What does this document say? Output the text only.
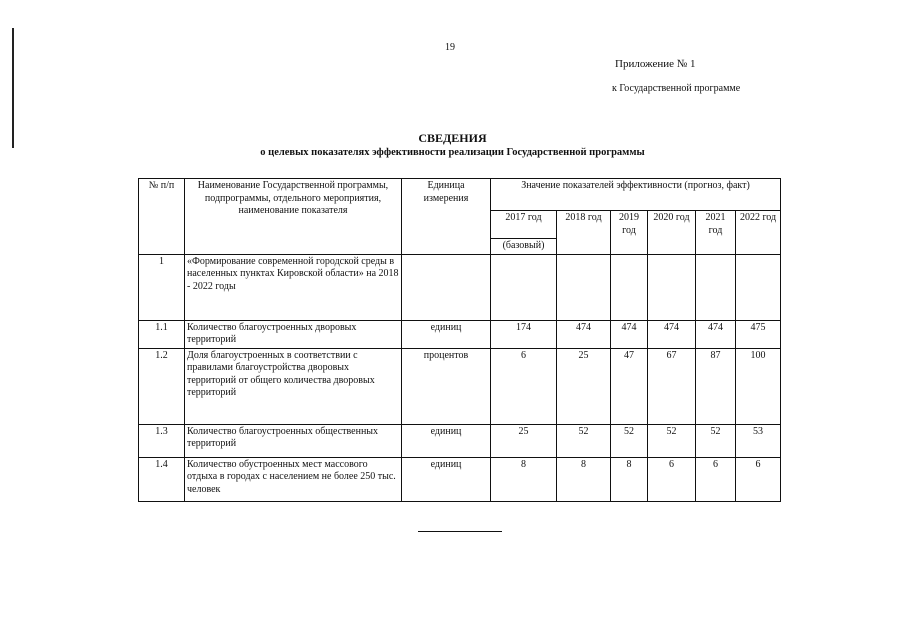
19
Приложение № 1
к Государственной программе
СВЕДЕНИЯ
о целевых показателях эффективности реализации Государственной программы
№ п/п	Наименование Государственной программы, подпрограммы, отдельного мероприятия, наименование показателя	Единица измерения	Значение показателей эффективности (прогноз, факт)					
			2017 год	2018 год	2019 год	2020 год	2021 год	2022 год
			(базовый)					
1	«Формирование современной городской среды в населенных пунктах Кировской области» на 2018 - 2022 годы							
1.1	Количество благоустроенных дворовых территорий	единиц	174	474	474	474	474	475
1.2	Доля благоустроенных в соответствии с правилами благоустройства дворовых территорий от общего количества дворовых территорий	процентов	6	25	47	67	87	100
1.3	Количество благоустроенных общественных территорий	единиц	25	52	52	52	52	53
1.4	Количество обустроенных мест массового отдыха в городах с населением не более 250 тыс. человек	единиц	8	8	8	6	6	6
